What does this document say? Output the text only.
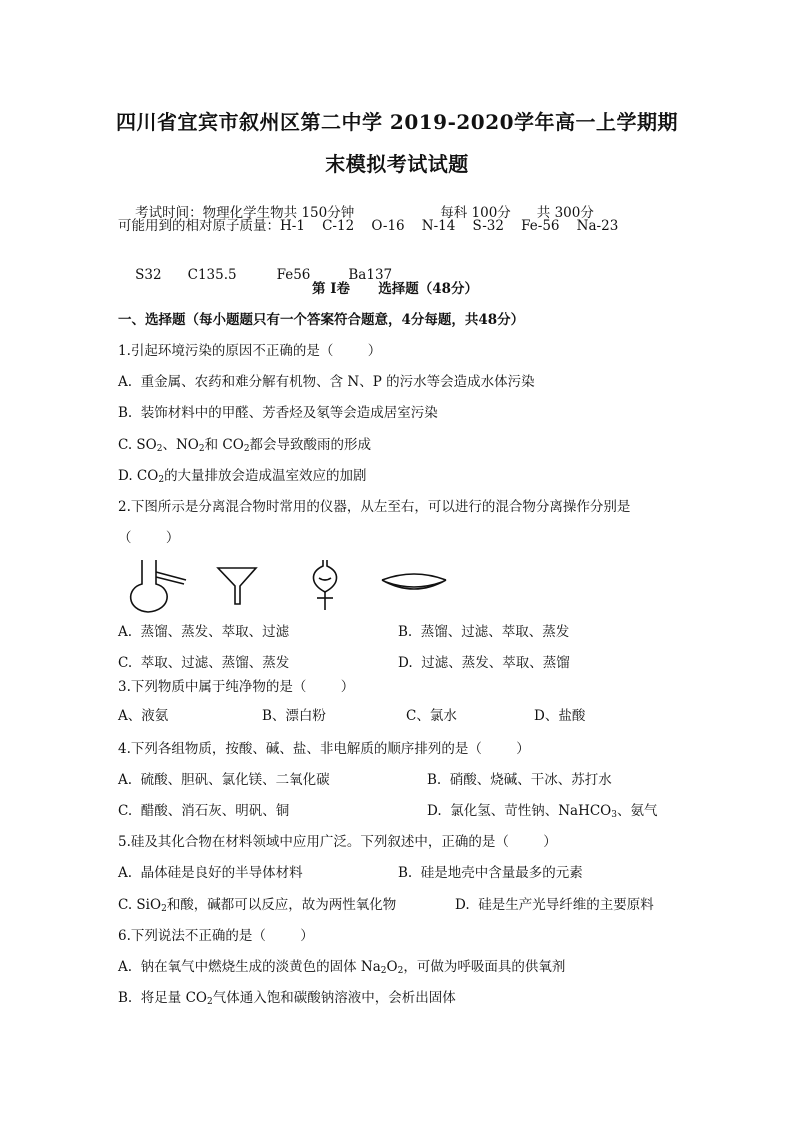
四川省宜宾市叙州区第二中学 2019-2020学年高一上学期期
末模拟考试试题

考试时间：物理化学生物共 150分钟	每科 100分 共 300分

可能用到的相对原子质量：H-1    C-12    O-16    N-14    S-32    Fe-56    Na-23

S32 C135.5	Fe56	Ba137

第 I卷      选择题（48分）
一、选择题（每小题题只有一个答案符合题意，4分每题，共48分）
1.引起环境污染的原因不正确的是（        ）
A.  重金属、农药和难分解有机物、含 N、P 的污水等会造成水体污染
B.  装饰材料中的甲醛、芳香烃及氡等会造成居室污染
C. $SO_2$、$NO_2$和 $CO_2$都会导致酸雨的形成
D. $CO_2$的大量排放会造成温室效应的加剧
2.下图所示是分离混合物时常用的仪器，从左至右，可以进行的混合物分离操作分别是
（        ）
A.  蒸馏、蒸发、萃取、过滤	B.  蒸馏、过滤、萃取、蒸发
C.  萃取、过滤、蒸馏、蒸发	D.  过滤、蒸发、萃取、蒸馏
3.下列物质中属于纯净物的是（        ）
A、液氨	B、漂白粉	C、氯水	D、盐酸
4.下列各组物质，按酸、碱、盐、非电解质的顺序排列的是（        ）
A.  硫酸、胆矾、氯化镁、二氧化碳	B.  硝酸、烧碱、干冰、苏打水
C.  醋酸、消石灰、明矾、铜	D.  氯化氢、苛性钠、NaHCO$_3$、氨气
5.硅及其化合物在材料领域中应用广泛。下列叙述中，正确的是（        ）
A.  晶体硅是良好的半导体材料	B.  硅是地壳中含量最多的元素
C. SiO$_2$和酸，碱都可以反应，故为两性氧化物	D.  硅是生产光导纤维的主要原料
6.下列说法不正确的是（        ）
A.  钠在氧气中燃烧生成的淡黄色的固体 $Na_2O_2$，可做为呼吸面具的供氧剂
B.  将足量 $CO_2$气体通入饱和碳酸钠溶液中，会析出固体
